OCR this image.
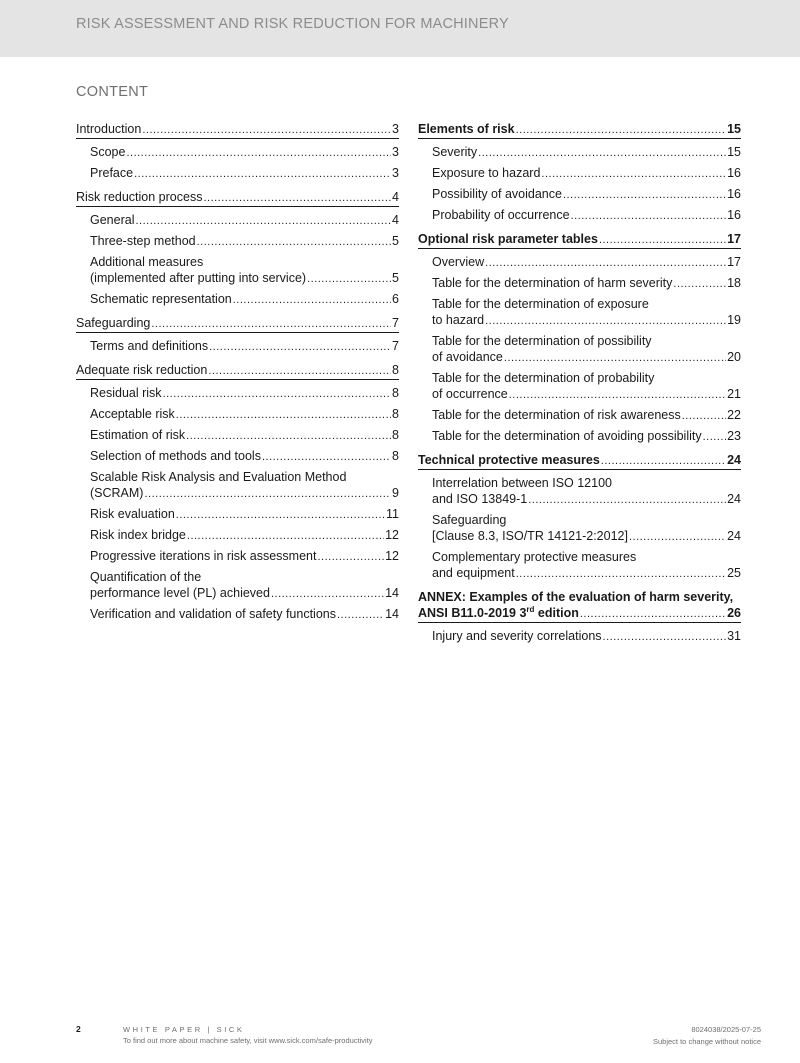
RISK ASSESSMENT AND RISK REDUCTION FOR MACHINERY
CONTENT
Introduction .....	3
Scope .....	3
Preface .....	3
Risk reduction process .....	4
General .....	4
Three-step method .....	5
Additional measures
(implemented after putting into service) .....	5
Schematic representation .....	6
Safeguarding .....	7
Terms and definitions .....	7
Adequate risk reduction .....	8
Residual risk .....	8
Acceptable risk .....	8
Estimation of risk .....	8
Selection of methods and tools .....	8
Scalable Risk Analysis and Evaluation Method
(SCRAM) .....	9
Risk evaluation .....	11
Risk index bridge .....	12
Progressive iterations in risk assessment .....	12
Quantification of the
performance level (PL) achieved .....	14
Verification and validation of safety functions .....	14
Elements of risk .....	15
Severity .....	15
Exposure to hazard .....	16
Possibility of avoidance .....	16
Probability of occurrence .....	16
Optional risk parameter tables .....	17
Overview .....	17
Table for the determination of harm severity .....	18
Table for the determination of exposure
to hazard .....	19
Table for the determination of possibility
of avoidance .....	20
Table for the determination of probability
of occurrence .....	21
Table for the determination of risk awareness .....	22
Table for the determination of avoiding possibility ..... 23
Technical protective measures .....	24
Interrelation between ISO 12100
and ISO 13849-1 .....	24
Safeguarding
[Clause 8.3, ISO/TR 14121-2:2012] .....	24
Complementary protective measures
and equipment .....	25
ANNEX: Examples of the evaluation of harm severity,
ANSI B11.0-2019 3rd edition .....	26
Injury and severity correlations .....	31
2	WHITE PAPER | SICK
To find out more about machine safety, visit www.sick.com/safe-productivity
8024038/2025-07-25
Subject to change without notice
